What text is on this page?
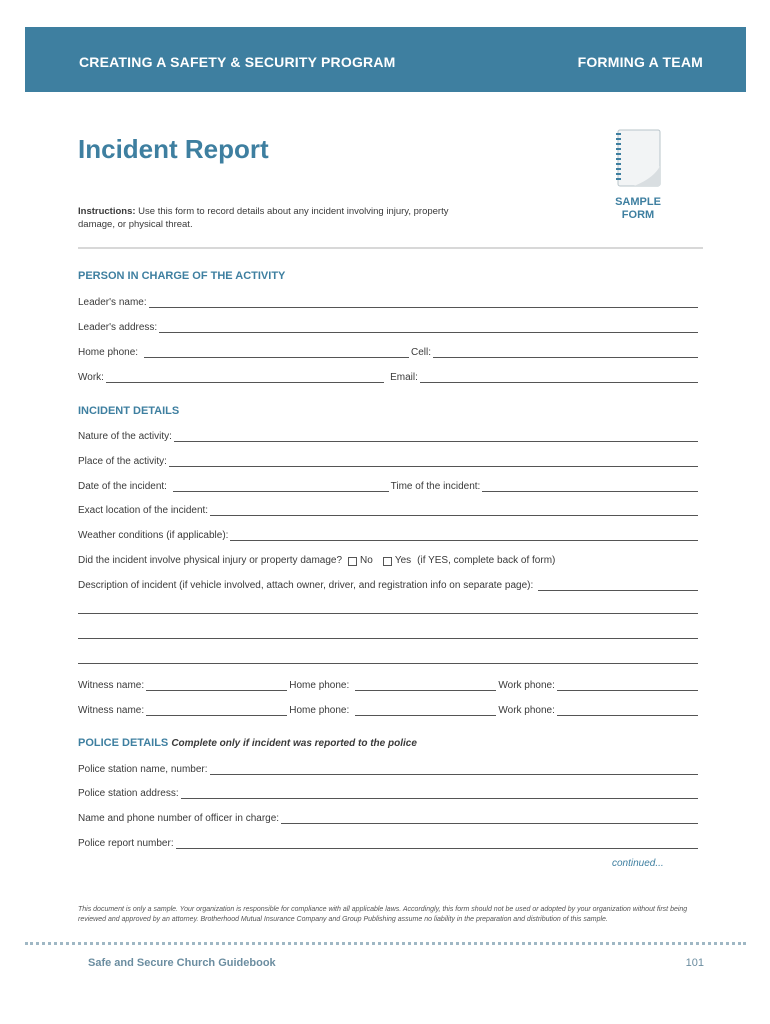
CREATING A SAFETY & SECURITY PROGRAM	FORMING A TEAM
Incident Report
Instructions: Use this form to record details about any incident involving injury, property damage, or physical threat.
SAMPLE
FORM
PERSON IN CHARGE OF THE ACTIVITY
Leader's name:
Leader's address:
Home phone:	Cell:
Work:	Email:
INCIDENT DETAILS
Nature of the activity:
Place of the activity:
Date of the incident:	Time of the incident:
Exact location of the incident:
Weather conditions (if applicable):
Did the incident involve physical injury or property damage? No Yes (if YES, complete back of form)
Description of incident (if vehicle involved, attach owner, driver, and registration info on separate page):
Witness name:	Home phone:	Work phone:
Witness name:	Home phone:	Work phone:
POLICE DETAILS Complete only if incident was reported to the police
Police station name, number:
Police station address:
Name and phone number of officer in charge:
Police report number:
continued...
This document is only a sample. Your organization is responsible for compliance with all applicable laws. Accordingly, this form should not be used or adopted by your organization without first being reviewed and approved by an attorney. Brotherhood Mutual Insurance Company and Group Publishing assume no liability in the preparation and distribution of this sample.
Safe and Secure Church Guidebook	101
